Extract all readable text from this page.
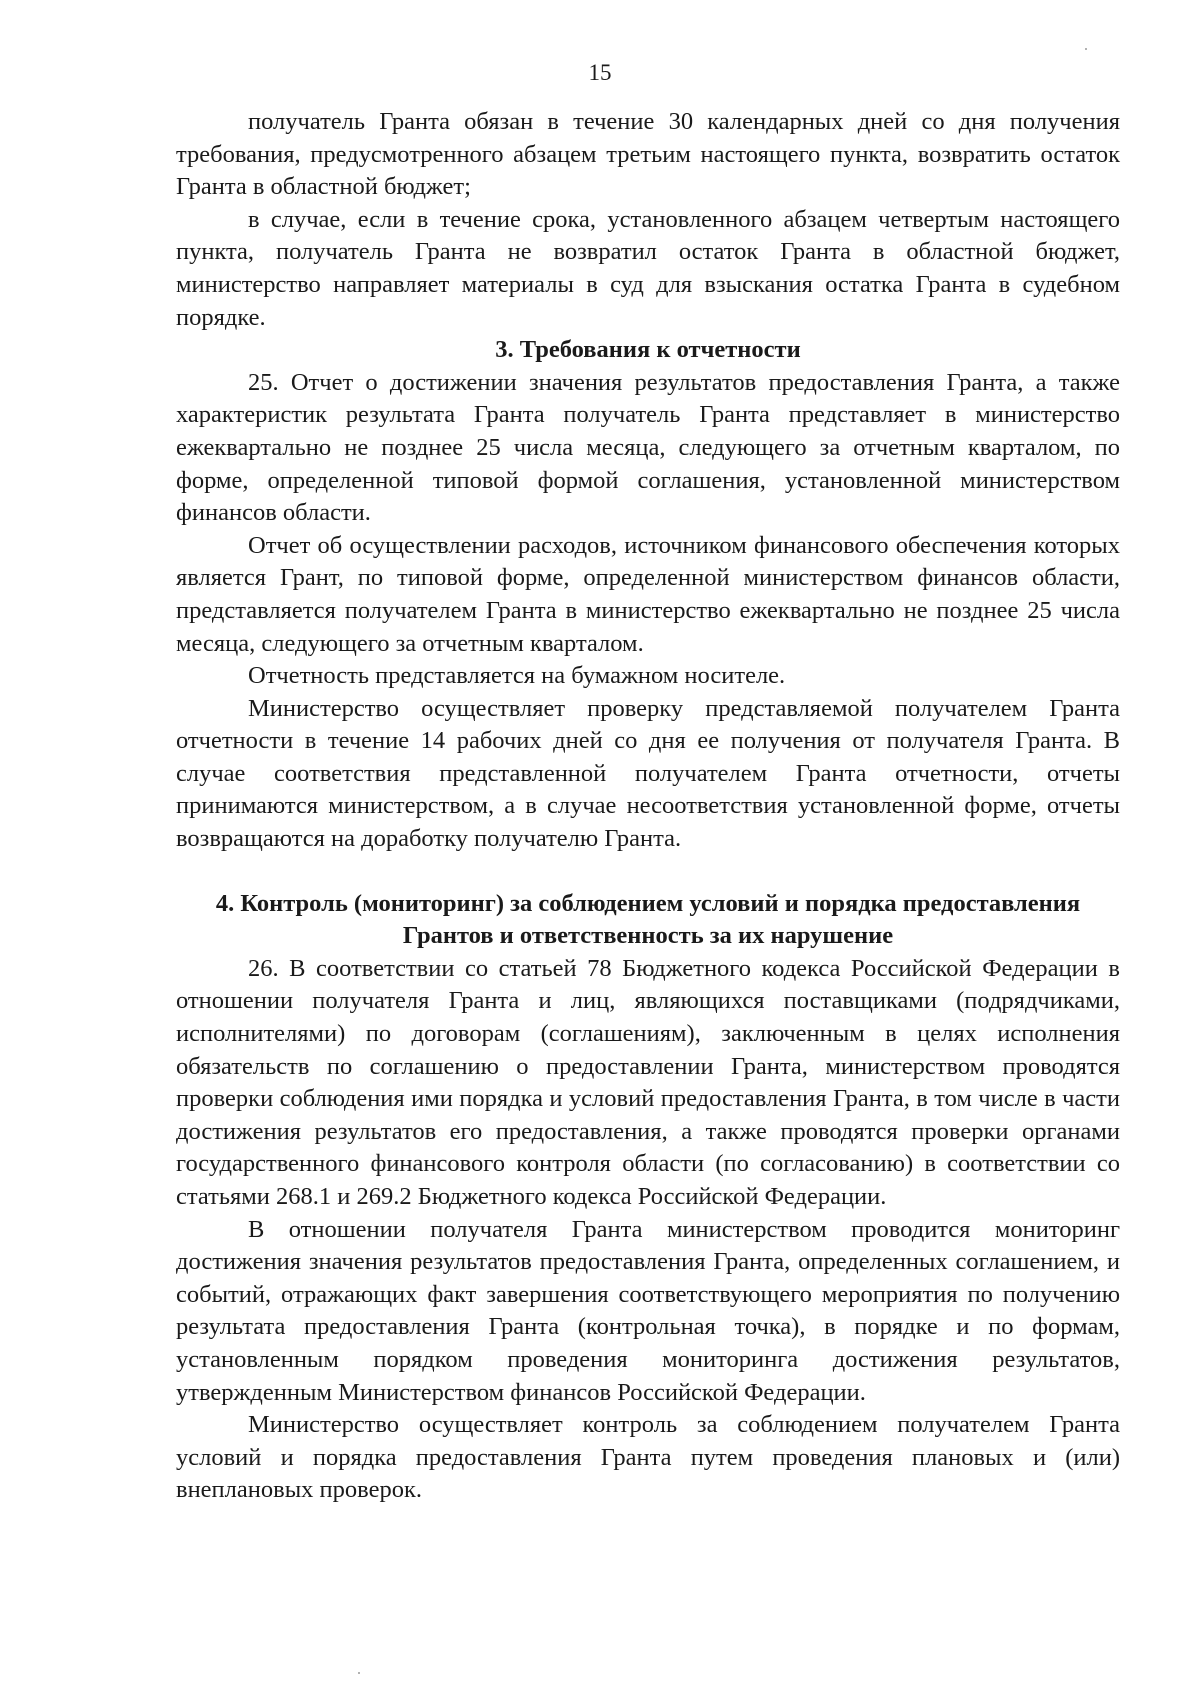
15

получатель Гранта обязан в течение 30 календарных дней со дня получения требования, предусмотренного абзацем третьим настоящего пункта, возвратить остаток Гранта в областной бюджет;

в случае, если в течение срока, установленного абзацем четвертым настоящего пункта, получатель Гранта не возвратил остаток Гранта в областной бюджет, министерство направляет материалы в суд для взыскания остатка Гранта в судебном порядке.

3. Требования к отчетности

25. Отчет о достижении значения результатов предоставления Гранта, а также характеристик результата Гранта получатель Гранта представляет в министерство ежеквартально не позднее 25 числа месяца, следующего за отчетным кварталом, по форме, определенной типовой формой соглашения, установленной министерством финансов области.

Отчет об осуществлении расходов, источником финансового обеспечения которых является Грант, по типовой форме, определенной министерством финансов области, представляется получателем Гранта в министерство ежеквартально не позднее 25 числа месяца, следующего за отчетным кварталом.

Отчетность представляется на бумажном носителе.

Министерство осуществляет проверку представляемой получателем Гранта отчетности в течение 14 рабочих дней со дня ее получения от получателя Гранта. В случае соответствия представленной получателем Гранта отчетности, отчеты принимаются министерством, а в случае несоответствия установленной форме, отчеты возвращаются на доработку получателю Гранта.

4. Контроль (мониторинг) за соблюдением условий и порядка предоставления Грантов и ответственность за их нарушение

26. В соответствии со статьей 78 Бюджетного кодекса Российской Федерации в отношении получателя Гранта и лиц, являющихся поставщиками (подрядчиками, исполнителями) по договорам (соглашениям), заключенным в целях исполнения обязательств по соглашению о предоставлении Гранта, министерством проводятся проверки соблюдения ими порядка и условий предоставления Гранта, в том числе в части достижения результатов его предоставления, а также проводятся проверки органами государственного финансового контроля области (по согласованию) в соответствии со статьями 268.1 и 269.2 Бюджетного кодекса Российской Федерации.

В отношении получателя Гранта министерством проводится мониторинг достижения значения результатов предоставления Гранта, определенных соглашением, и событий, отражающих факт завершения соответствующего мероприятия по получению результата предоставления Гранта (контрольная точка), в порядке и по формам, установленным порядком проведения мониторинга достижения результатов, утвержденным Министерством финансов Российской Федерации.

Министерство осуществляет контроль за соблюдением получателем Гранта условий и порядка предоставления Гранта путем проведения плановых и (или) внеплановых проверок.
